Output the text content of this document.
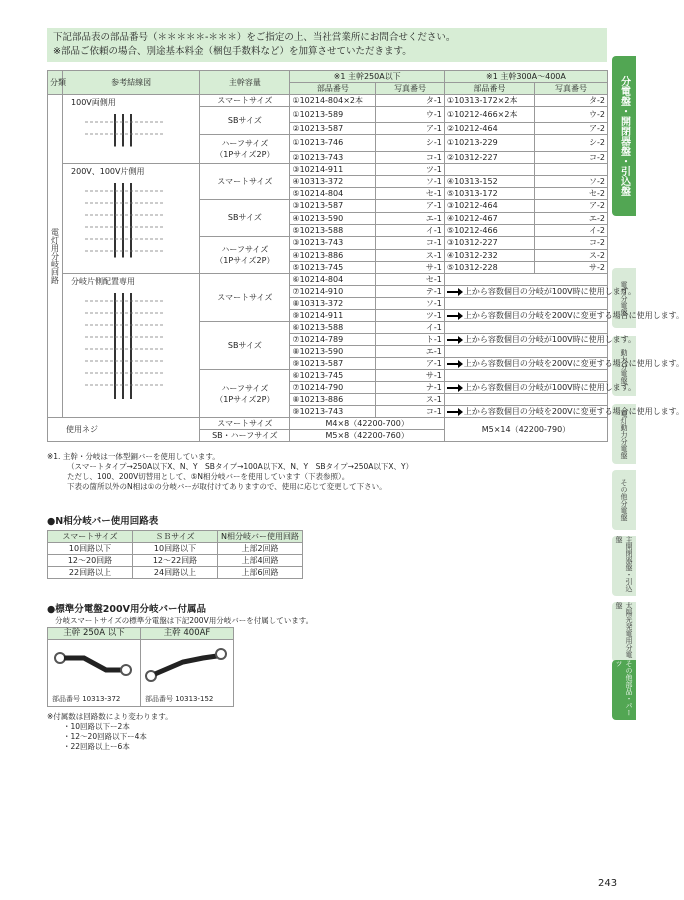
下記部品表の部品番号（＊＊＊＊＊-＊＊＊）をご指定の上、当社営業所にお問合せください。
※部品ご依頼の場合、別途基本料金（梱包手数料など）を加算させていただきます。
分電盤・開閉器盤・引込盤
電灯分電盤
動力分電盤
電灯動力分電盤
その他分電盤
主開閉器盤・引込盤
太陽光発電用分電盤
その他部品・パーツ
分類	参考結線図	主幹容量	※1 主幹250A以下		※1 主幹300A〜400A	
			部品番号	写真番号	部品番号	写真番号
電灯用分岐回路	100V両側用	スマートサイズ	①10214-804×2本	タ-1	①10313-172×2本	タ-2

		SBサイズ	①10213-589	ウ-1	①10212-466×2本	ウ-2
			②10213-587	ア-1	②10212-464	ア-2

		ハーフサイズ
（1Pサイズ2P）	①10213-746	シ-1	①10213-229	シ-2
			②10213-743	コ-1	②10312-227	コ-2

	200V、100V片側用	スマートサイズ	③10214-911	ツ-1		
			④10313-372	ソ-1	④10313-152	ソ-2
			⑤10214-804	セ-1	⑤10313-172	セ-2

		SBサイズ	③10213-587	ア-1	③10212-464	ア-2
			④10213-590	エ-1	④10212-467	エ-2
			⑤10213-588	イ-1	⑤10212-466	イ-2

		ハーフサイズ
（1Pサイズ2P）	③10213-743	コ-1	③10312-227	コ-2
			④10213-886	ス-1	④10312-232	ス-2
			⑤10213-745	サ-1	⑤10312-228	サ-2

	分岐片側配置専用	スマートサイズ	⑥10214-804	セ-1		
			⑦10214-910	テ-1	上から容数個目の分岐が100V時に使用します。	
			⑧10313-372	ソ-1		
			⑨10214-911	ツ-1	上から容数個目の分岐を200Vに変更する場合に使用します。	

		SBサイズ	⑥10213-588	イ-1		
			⑦10214-789	ト-1	上から容数個目の分岐が100V時に使用します。	
			⑧10213-590	エ-1		
			⑨10213-587	ア-1	上から容数個目の分岐を200Vに変更する場合に使用します。	

		ハーフサイズ
（1Pサイズ2P）	⑥10213-745	サ-1		
			⑦10214-790	ナ-1	上から容数個目の分岐が100V時に使用します。	
			⑧10213-886	ス-1		
			⑨10213-743	コ-1	上から容数個目の分岐を200Vに変更する場合に使用します。	
使用ネジ		スマートサイズ	M4×8（42200-700）		M5×14（42200-790）	
		SB・ハーフサイズ	M5×8（42200-760）			
※1. 主幹・分岐は一体型銅バーを使用しています。
（スマートタイプ→250A以下X、N、Y　SBタイプ→100A以下X、N、Y　SBタイプ→250A以下X、Y）
ただし、100、200V切替用として、⑤N相分岐バーを使用しています（下表参照）。
下表の箇所以外のN相は①の分岐バーが取付けてありますので、使用に応じて変更して下さい。
●N相分岐バー使用回路表
スマートサイズ	ＳＢサイズ	N相分岐バー使用回路
10回路以下	10回路以下	上部2回路
12〜20回路	12〜22回路	上部4回路
22回路以上	24回路以上	上部6回路
●標準分電盤200V用分岐バー付属品
分岐スマートサイズの標準分電盤は下記200V用分岐バーを付属しています。
主幹 250A 以下
部品番号 10313-372
主幹 400AF
部品番号 10313-152
※付属数は回路数により変わります。
・10回路以下ー2本
・12〜20回路以下ー4本
・22回路以上ー6本
243
